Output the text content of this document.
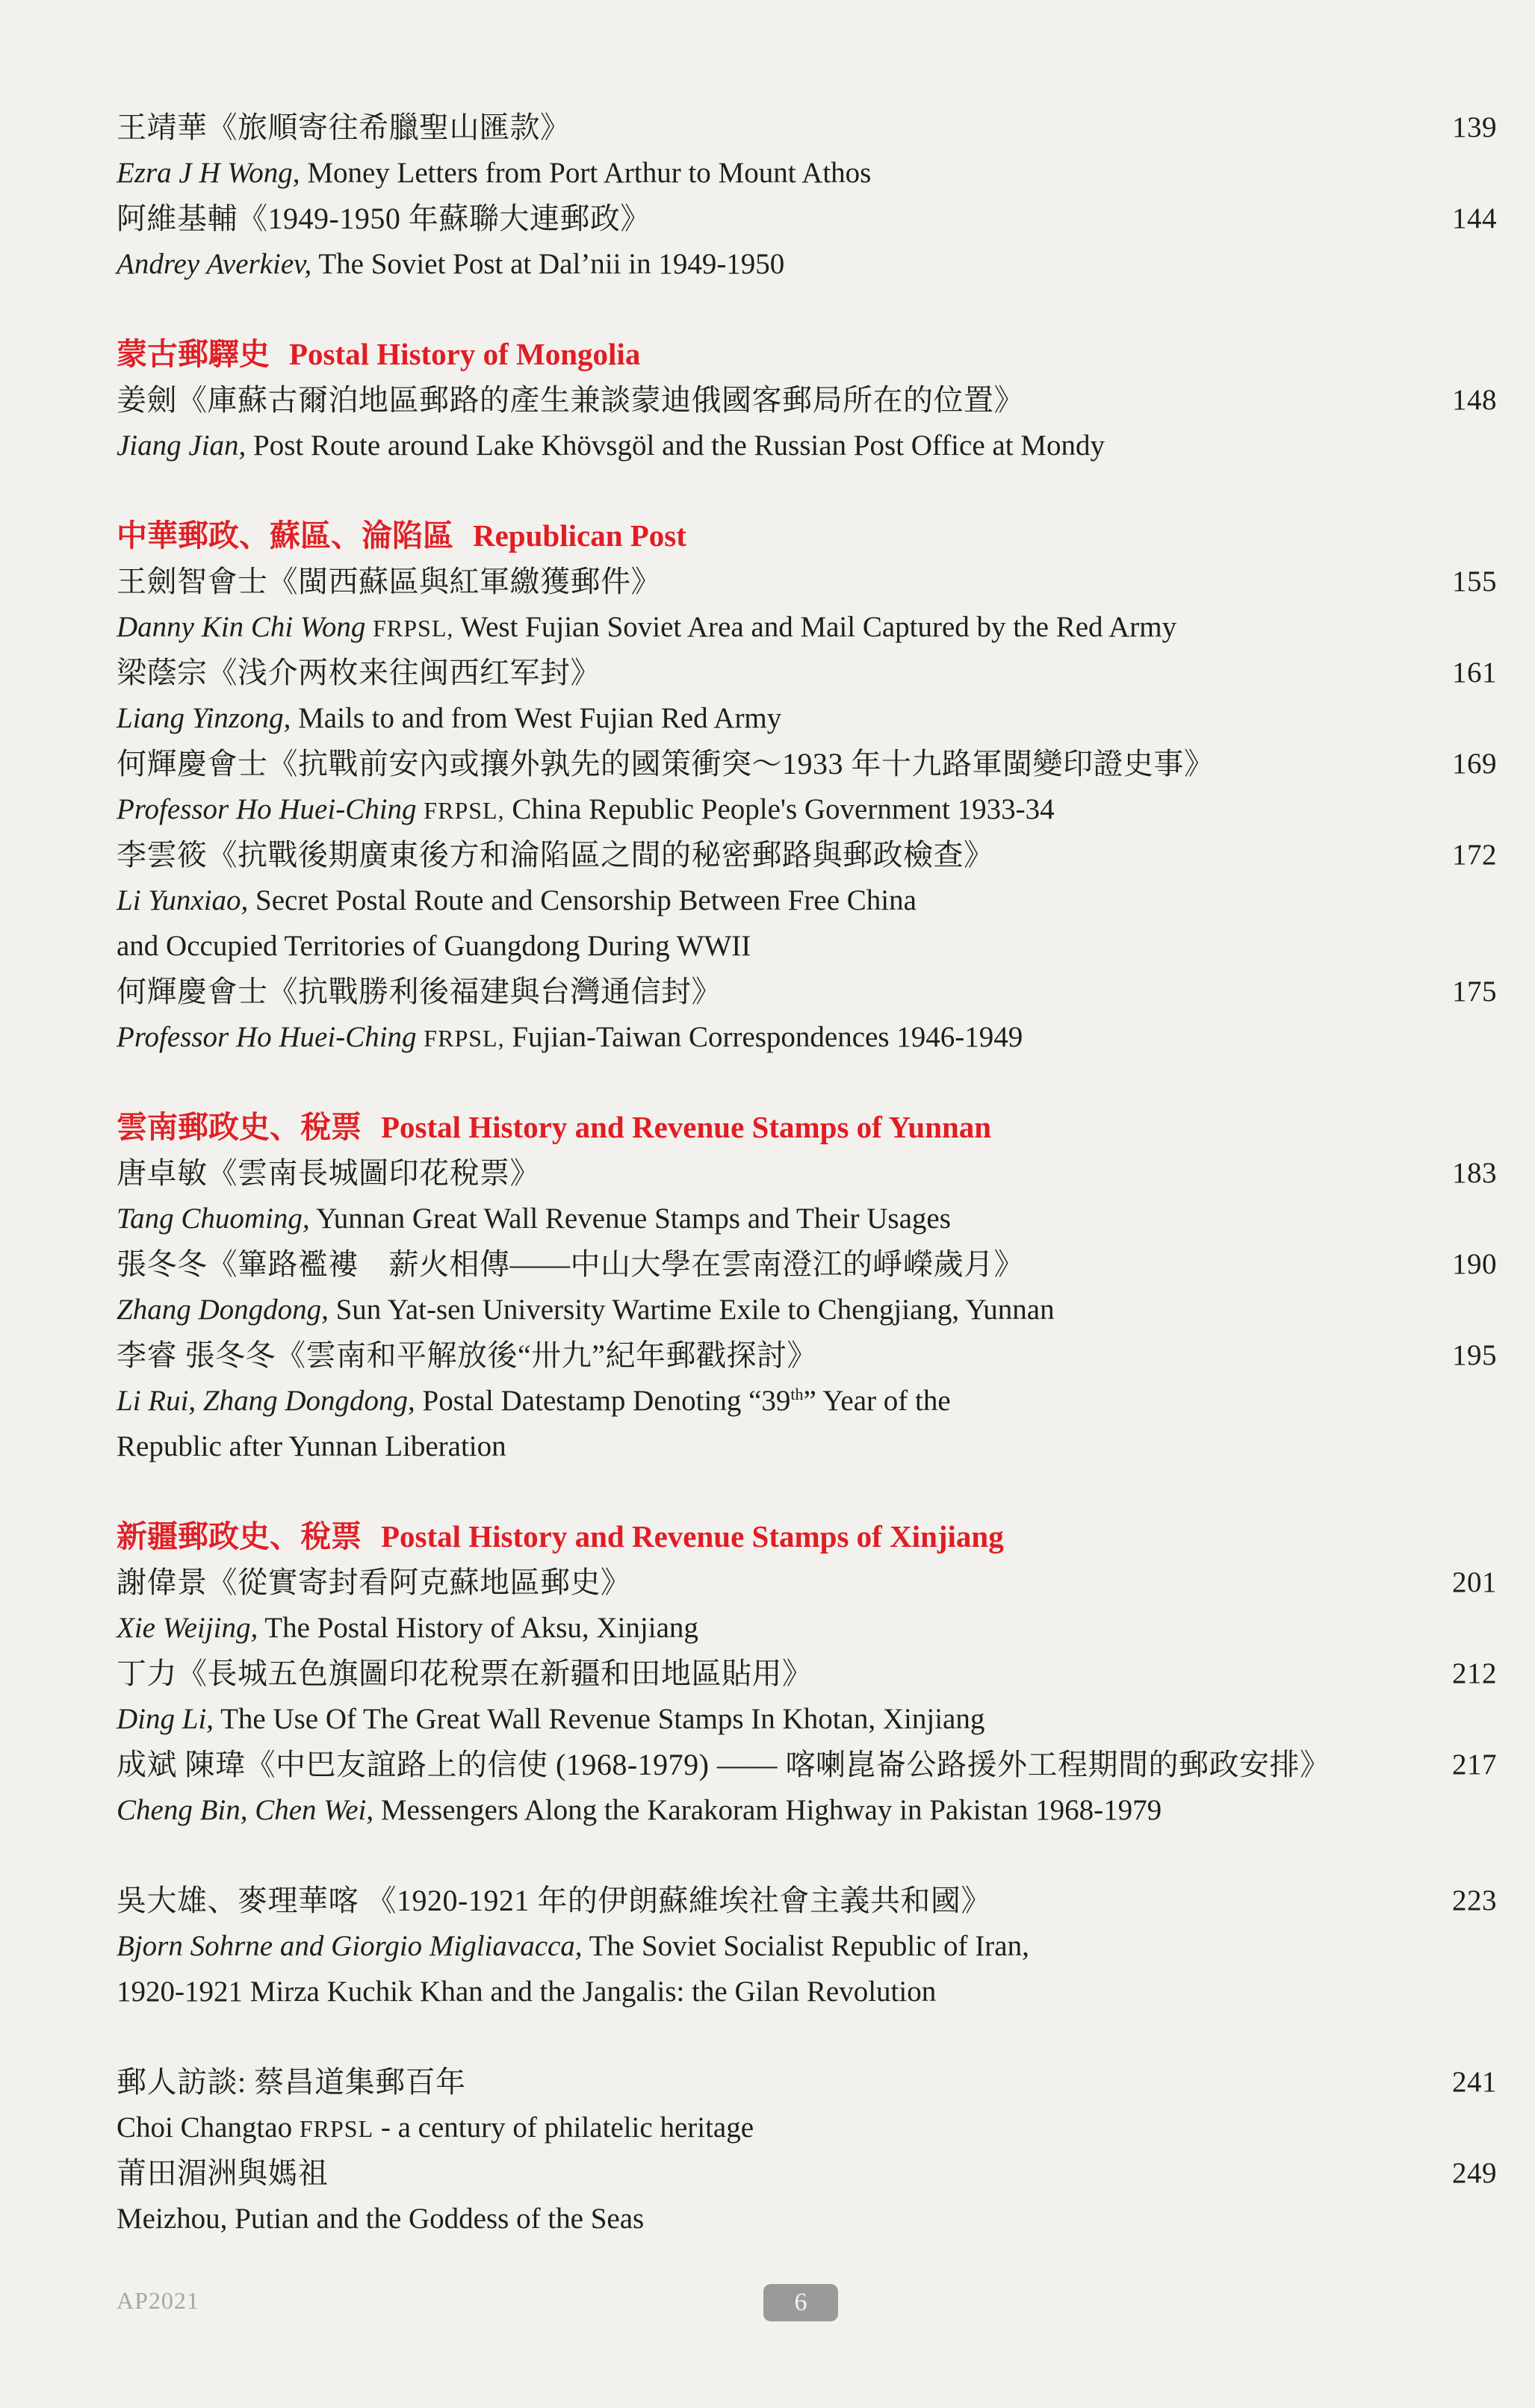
王靖華《旅順寄往希臘聖山匯款》	139
Ezra J H Wong, Money Letters from Port Arthur to Mount Athos
阿維基輔《1949-1950 年蘇聯大連郵政》	144
Andrey Averkiev, The Soviet Post at Dal’nii in 1949-1950
蒙古郵驛史 Postal History of Mongolia
姜劍《庫蘇古爾泊地區郵路的產生兼談蒙迪俄國客郵局所在的位置》	148
Jiang Jian, Post Route around Lake Khövsgöl and the Russian Post Office at Mondy
中華郵政、蘇區、淪陷區 Republican Post
王劍智會士《閩西蘇區與紅軍繳獲郵件》	155
Danny Kin Chi Wong FRPSL, West Fujian Soviet Area and Mail Captured by the Red Army
梁蔭宗《浅介两枚来往闽西红军封》	161
Liang Yinzong, Mails to and from West Fujian Red Army
何輝慶會士《抗戰前安內或攘外孰先的國策衝突～1933 年十九路軍閩變印證史事》	169
Professor Ho Huei-Ching FRPSL, China Republic People's Government 1933-34
李雲筱《抗戰後期廣東後方和淪陷區之間的秘密郵路與郵政檢查》	172
Li Yunxiao, Secret Postal Route and Censorship Between Free China
and Occupied Territories of Guangdong During WWII
何輝慶會士《抗戰勝利後福建與台灣通信封》	175
Professor Ho Huei-Ching FRPSL, Fujian-Taiwan Correspondences 1946-1949
雲南郵政史、稅票 Postal History and Revenue Stamps of Yunnan
唐卓敏《雲南長城圖印花稅票》	183
Tang Chuoming, Yunnan Great Wall Revenue Stamps and Their Usages
張冬冬《篳路襤褸　薪火相傳——中山大學在雲南澄江的崢嶸歲月》	190
Zhang Dongdong, Sun Yat-sen University Wartime Exile to Chengjiang, Yunnan
李睿 張冬冬《雲南和平解放後“卅九”紀年郵戳探討》	195
Li Rui, Zhang Dongdong, Postal Datestamp Denoting “39th” Year of the
Republic after Yunnan Liberation
新疆郵政史、稅票 Postal History and Revenue Stamps of Xinjiang
謝偉景《從實寄封看阿克蘇地區郵史》	201
Xie Weijing, The Postal History of Aksu, Xinjiang
丁力《長城五色旗圖印花稅票在新疆和田地區貼用》	212
Ding Li, The Use Of The Great Wall Revenue Stamps In Khotan, Xinjiang
成斌 陳瑋《中巴友誼路上的信使 (1968-1979) —— 喀喇崑崙公路援外工程期間的郵政安排》	217
Cheng Bin, Chen Wei, Messengers Along the Karakoram Highway in Pakistan 1968-1979
吳大雄、麥理華喀 《1920-1921 年的伊朗蘇維埃社會主義共和國》	223
Bjorn Sohrne and Giorgio Migliavacca, The Soviet Socialist Republic of Iran,
1920-1921 Mirza Kuchik Khan and the Jangalis: the Gilan Revolution
郵人訪談: 蔡昌道集郵百年	241
Choi Changtao FRPSL - a century of philatelic heritage
莆田湄洲與媽祖	249
Meizhou, Putian and the Goddess of the Seas
AP2021	6
